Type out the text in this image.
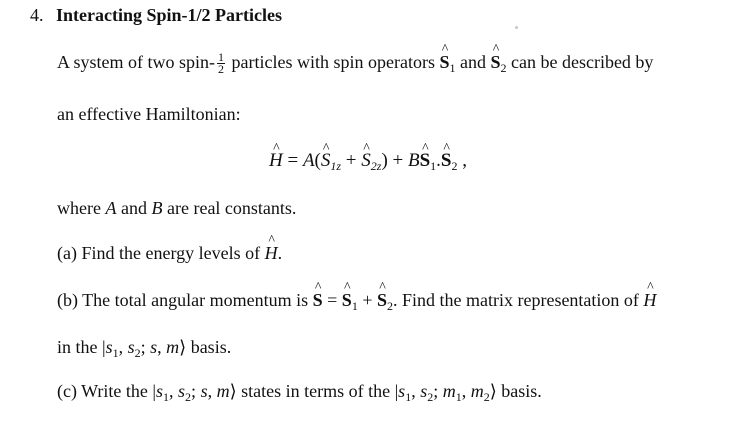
4. Interacting Spin-1/2 Particles
A system of two spin- $\frac{1}{2}$ particles with spin operators ^ $S_1$ and ^ $S_2$ can be described by
an effective Hamiltonian:
^ H = A(^ $S_{1z}$ + ^ $S_{2z}$) + B^ $S_1.\^{}$ $S_2$ ,
where A and B are real constants.
(a) Find the energy levels of ^ H.
(b) The total angular momentum is ^ S = ^ $S_1$ + ^ $S_2$. Find the matrix representation of ^ H
in the $|s_1$, $s_2$; s, m⟩ basis.
(c) Write the $|s_1$, $s_2$; s, m⟩ states in terms of the $|s_1$, $s_2$; $m_1$, $m_2⟩$ basis.
